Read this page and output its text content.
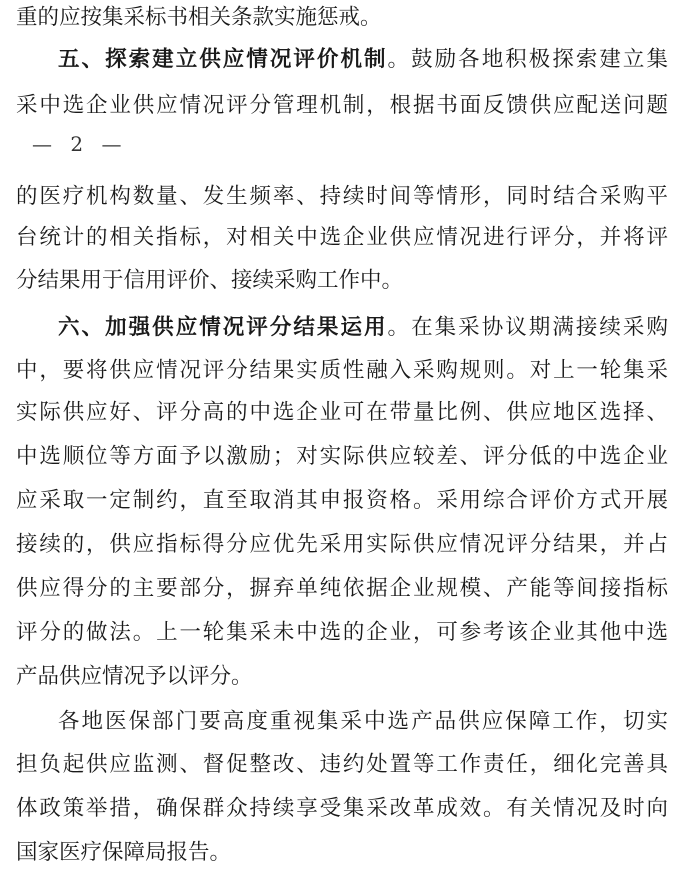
重的应按集采标书相关条款实施惩戒。
五、探索建立供应情况评价机制。鼓励各地积极探索建立集
采中选企业供应情况评分管理机制，根据书面反馈供应配送问题
— 2 —
的医疗机构数量、发生频率、持续时间等情形，同时结合采购平
台统计的相关指标，对相关中选企业供应情况进行评分，并将评
分结果用于信用评价、接续采购工作中。
六、加强供应情况评分结果运用。在集采协议期满接续采购
中，要将供应情况评分结果实质性融入采购规则。对上一轮集采
实际供应好、评分高的中选企业可在带量比例、供应地区选择、
中选顺位等方面予以激励；对实际供应较差、评分低的中选企业
应采取一定制约，直至取消其申报资格。采用综合评价方式开展
接续的，供应指标得分应优先采用实际供应情况评分结果，并占
供应得分的主要部分，摒弃单纯依据企业规模、产能等间接指标
评分的做法。上一轮集采未中选的企业，可参考该企业其他中选
产品供应情况予以评分。
各地医保部门要高度重视集采中选产品供应保障工作，切实
担负起供应监测、督促整改、违约处置等工作责任，细化完善具
体政策举措，确保群众持续享受集采改革成效。有关情况及时向
国家医疗保障局报告。
